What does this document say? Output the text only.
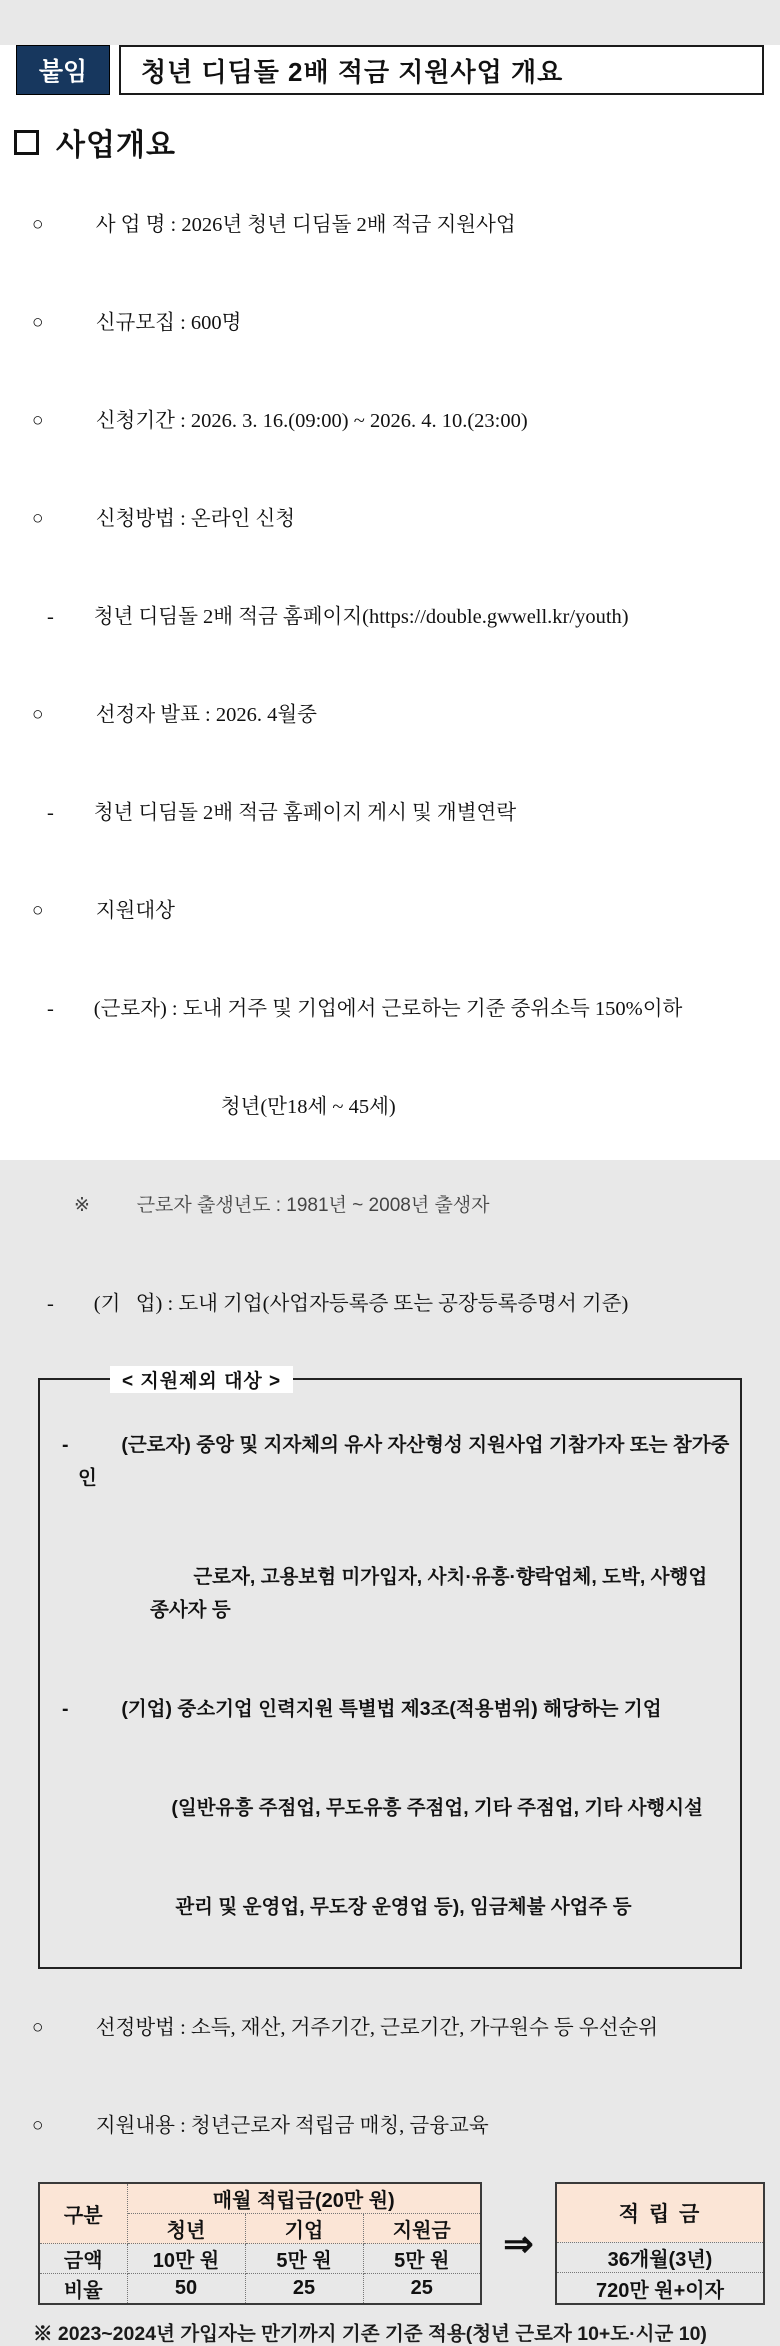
붙임	청년 디딤돌 2배 적금 지원사업 개요
사업개요

○	사 업 명 : 2026년 청년 디딤돌 2배 적금 지원사업

○	신규모집 : 600명

○	신청기간 : 2026. 3. 16.(09:00) ~ 2026. 4. 10.(23:00)

○	신청방법 : 온라인 신청

- 청년 디딤돌 2배 적금 홈페이지(https://double.gwwell.kr/youth)

○	선정자 발표 : 2026. 4월중

- 청년 디딤돌 2배 적금 홈페이지 게시 및 개별연락

○	지원대상

- (근로자) : 도내 거주 및 기업에서 근로하는 기준 중위소득 150%이하

청년(만18세 ~ 45세)

※ 근로자 출생년도 : 1981년 ~ 2008년 출생자

- (기   업) : 도내 기업(사업자등록증 또는 공장등록증명서 기준)

< 지원제외 대상 >

-	(근로자) 중앙 및 지자체의 유사 자산형성 지원사업 기참가자 또는 참가중인

근로자, 고용보험 미가입자, 사치·유흥·향락업체, 도박, 사행업 종사자 등

-	(기업) 중소기업 인력지원 특별법 제3조(적용범위) 해당하는 기업

(일반유흥 주점업, 무도유흥 주점업, 기타 주점업, 기타 사행시설

관리 및 운영업, 무도장 운영업 등), 임금체불 사업주 등

○	선정방법 : 소득, 재산, 거주기간, 근로기간, 가구원수 등 우선순위

○	지원내용 : 청년근로자 적립금 매칭, 금융교육

구분	매월 적립금(20만 원)		
	청년	기업	지원금
금액	10만 원	5만 원	5만 원
비율	50	25	25
⇒
적 립 금
36개월(3년)
720만 원+이자
※ 2023~2024년 가입자는 만기까지 기존 기준 적용(청년 근로자 10+도·시군 10)
